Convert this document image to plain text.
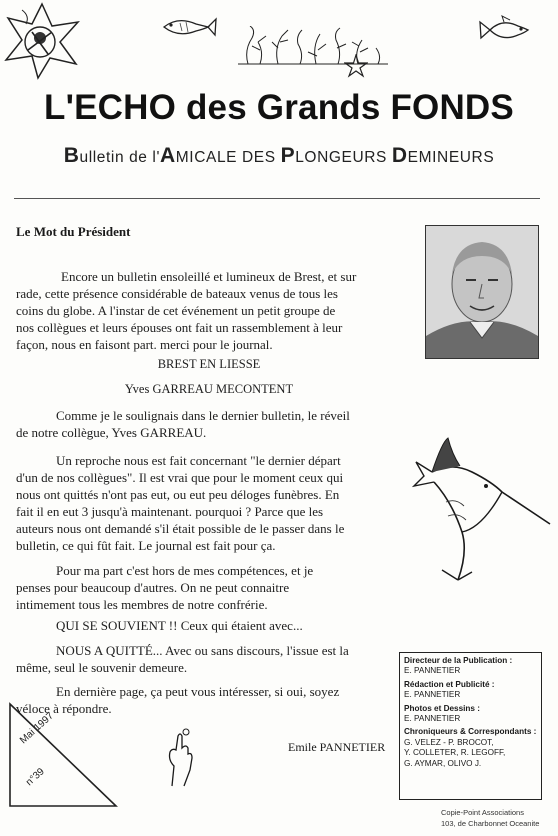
L'ECHO des Grands FONDS
Bulletin de l'AMICALE DES PLONGEURS DEMINEURS
Le Mot du Président
Encore un bulletin ensoleillé et lumineux de Brest, et sur
rade, cette présence considérable de bateaux venus de tous les
coins du globe. A l'instar de cet événement un petit groupe de
nos collègues et leurs épouses ont fait un rassemblement à leur
façon, nous en faisont part. merci pour le journal.
BREST EN LIESSE
Yves GARREAU MECONTENT
Comme je le soulignais dans le dernier bulletin, le réveil
de notre collègue, Yves GARREAU.
Un reproche nous est fait concernant "le dernier départ
d'un de nos collègues". Il est vrai que pour le moment ceux qui
nous ont quittés n'ont pas eut, ou eut peu déloges funèbres. En
fait il en eut 3 jusqu'à maintenant. pourquoi ? Parce que les
auteurs nous ont demandé s'il était possible de le passer dans le
bulletin, ce qui fût fait. Le journal est fait pour ça.
Pour ma part c'est hors de mes compétences, et je
penses pour beaucoup d'autres. On ne peut connaitre
intimement tous les membres de notre confrérie.
QUI SE SOUVIENT !! Ceux qui étaient avec...
NOUS A QUITTÉ... Avec ou sans discours, l'issue est la
même, seul le souvenir demeure.
En dernière page, ça peut vous intéresser, si oui, soyez
véloce à répondre.
Directeur de la Publication :
E. PANNETIER
Rédaction et Publicité :
E. PANNETIER
Photos et Dessins :
E. PANNETIER
Chroniqueurs & Correspondants :
G. VELEZ - P. BROCOT,
Y. COLLETER, R. LEGOFF,
G. AYMAR, OLIVO J.
Mai 1997
n°39
Emile PANNETIER
Copie-Point Associations
103, de Charbonnet Oceanite
